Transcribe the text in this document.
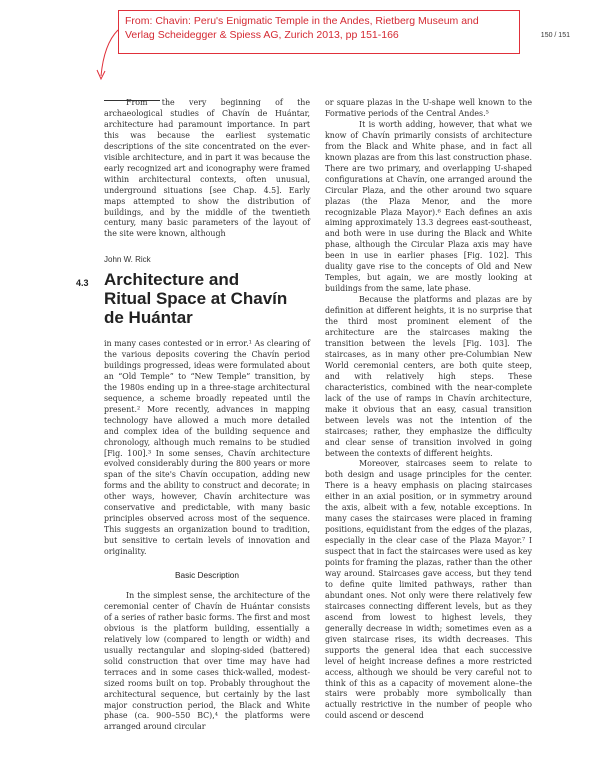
From: Chavin: Peru's Enigmatic Temple in the Andes, Rietberg Museum and
Verlag Scheidegger & Spiess AG, Zurich 2013, pp 151-166	150 / 151

From the very beginning of the archaeological studies of Chavín de Huántar, architecture had paramount importance. In part this was because the earliest systematic descriptions of the site concentrated on the ever-visible architecture, and in part it was because the early recognized art and iconography were framed within architectural contexts, often unusual, underground situations [see Chap. 4.5]. Early maps attempted to show the distribution of buildings, and by the middle of the twentieth century, many basic parameters of the layout of the site were known, although

John W. Rick
4.3 Architecture and
Ritual Space at Chavín
de Huántar

in many cases contested or in error.¹ As clearing of the various deposits covering the Chavín period buildings progressed, ideas were formulated about an “Old Temple” to “New Temple” transition, by the 1980s ending up in a three-stage architectural sequence, a scheme broadly repeated until the present.² More recently, advances in mapping technology have allowed a much more detailed and complex idea of the building sequence and chronology, although much remains to be studied [Fig. 100].³ In some senses, Chavín architecture evolved considerably during the 800 years or more span of the site's Chavín occupation, adding new forms and the ability to construct and decorate; in other ways, however, Chavín architecture was conservative and predictable, with many basic principles observed across most of the sequence. This suggests an organization bound to tradition, but sensitive to certain levels of innovation and originality.

Basic Description

In the simplest sense, the architecture of the ceremonial center of Chavín de Huántar consists of a series of rather basic forms. The first and most obvious is the platform building, essentially a relatively low (compared to length or width) and usually rectangular and sloping-sided (battered) solid construction that over time may have had terraces and in some cases thick-walled, modest-sized rooms built on top. Probably throughout the architectural sequence, but certainly by the last major construction period, the Black and White phase (ca. 900–550 BC),⁴ the platforms were arranged around circular

or square plazas in the U-shape well known to the Formative periods of the Central Andes.⁵

It is worth adding, however, that what we know of Chavín primarily consists of architecture from the Black and White phase, and in fact all known plazas are from this last construction phase. There are two primary, and overlapping U-shaped configurations at Chavín, one arranged around the Circular Plaza, and the other around two square plazas (the Plaza Menor, and the more recognizable Plaza Mayor).⁶ Each defines an axis aiming approximately 13.3 degrees east-southeast, and both were in use during the Black and White phase, although the Circular Plaza axis may have been in use in earlier phases [Fig. 102]. This duality gave rise to the concepts of Old and New Temples, but again, we are mostly looking at buildings from the same, late phase.

Because the platforms and plazas are by definition at different heights, it is no surprise that the third most prominent element of the architecture are the staircases making the transition between the levels [Fig. 103]. The staircases, as in many other pre-Columbian New World ceremonial centers, are both quite steep, and with relatively high steps. These characteristics, combined with the near-complete lack of the use of ramps in Chavín architecture, make it obvious that an easy, casual transition between levels was not the intention of the staircases; rather, they emphasize the difficulty and clear sense of transition involved in going between the contexts of different heights.

Moreover, staircases seem to relate to both design and usage principles for the center. There is a heavy emphasis on placing staircases either in an axial position, or in symmetry around the axis, albeit with a few, notable exceptions. In many cases the staircases were placed in framing positions, equidistant from the edges of the plazas, especially in the clear case of the Plaza Mayor.⁷ I suspect that in fact the staircases were used as key points for framing the plazas, rather than the other way around. Staircases gave access, but they tend to define quite limited pathways, rather than abundant ones. Not only were there relatively few staircases connecting different levels, but as they ascend from lowest to highest levels, they generally decrease in width; sometimes even as a given staircase rises, its width decreases. This supports the general idea that each successive level of height increase defines a more restricted access, although we should be very careful not to think of this as a capacity of movement alone–the stairs were probably more symbolically than actually restrictive in the number of people who could ascend or descend
